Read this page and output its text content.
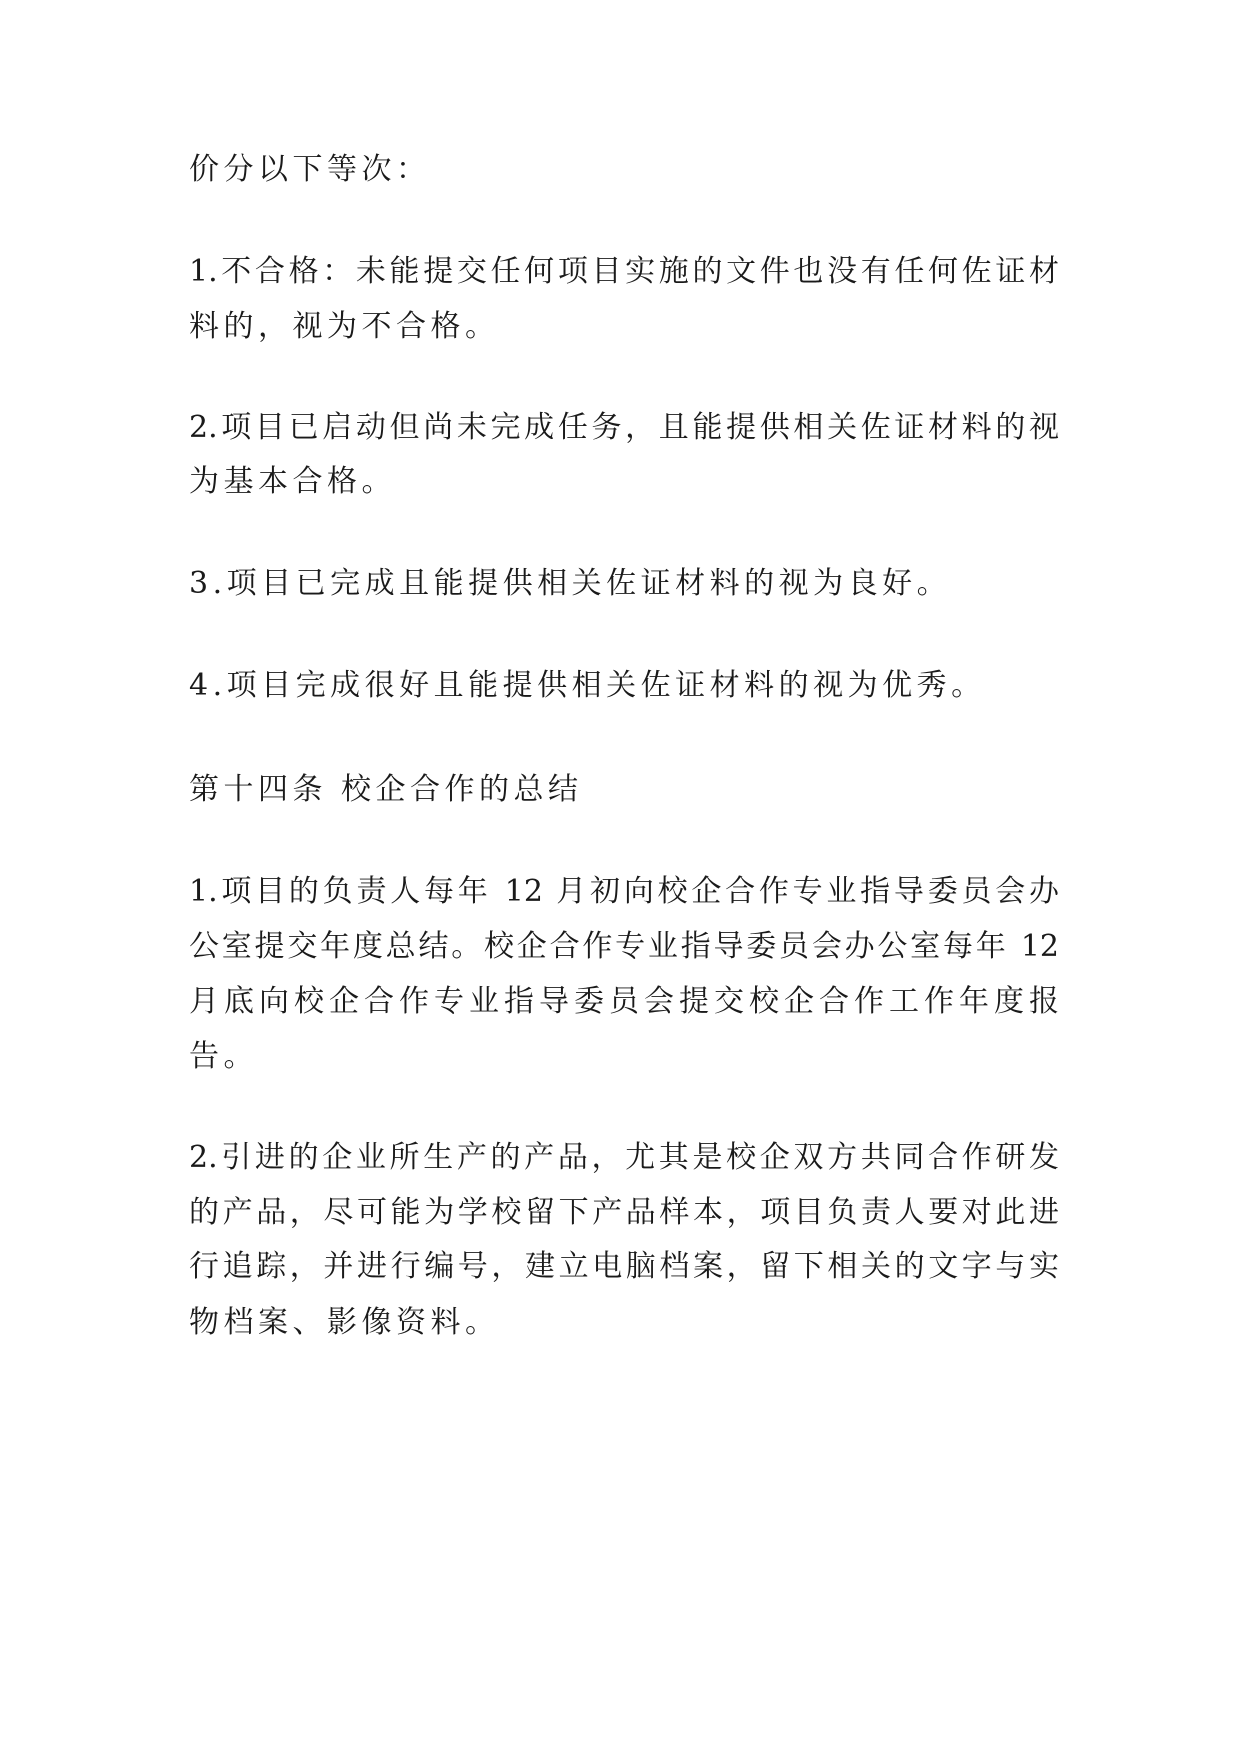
价分以下等次：
1.不合格：未能提交任何项目实施的文件也没有任何佐证材
料的，视为不合格。
2.项目已启动但尚未完成任务，且能提供相关佐证材料的视
为基本合格。
3.项目已完成且能提供相关佐证材料的视为良好。
4.项目完成很好且能提供相关佐证材料的视为优秀。
第十四条 校企合作的总结
1.项目的负责人每年 12 月初向校企合作专业指导委员会办
公室提交年度总结。校企合作专业指导委员会办公室每年 12
月底向校企合作专业指导委员会提交校企合作工作年度报
告。
2.引进的企业所生产的产品，尤其是校企双方共同合作研发
的产品，尽可能为学校留下产品样本，项目负责人要对此进
行追踪，并进行编号，建立电脑档案，留下相关的文字与实
物档案、影像资料。
